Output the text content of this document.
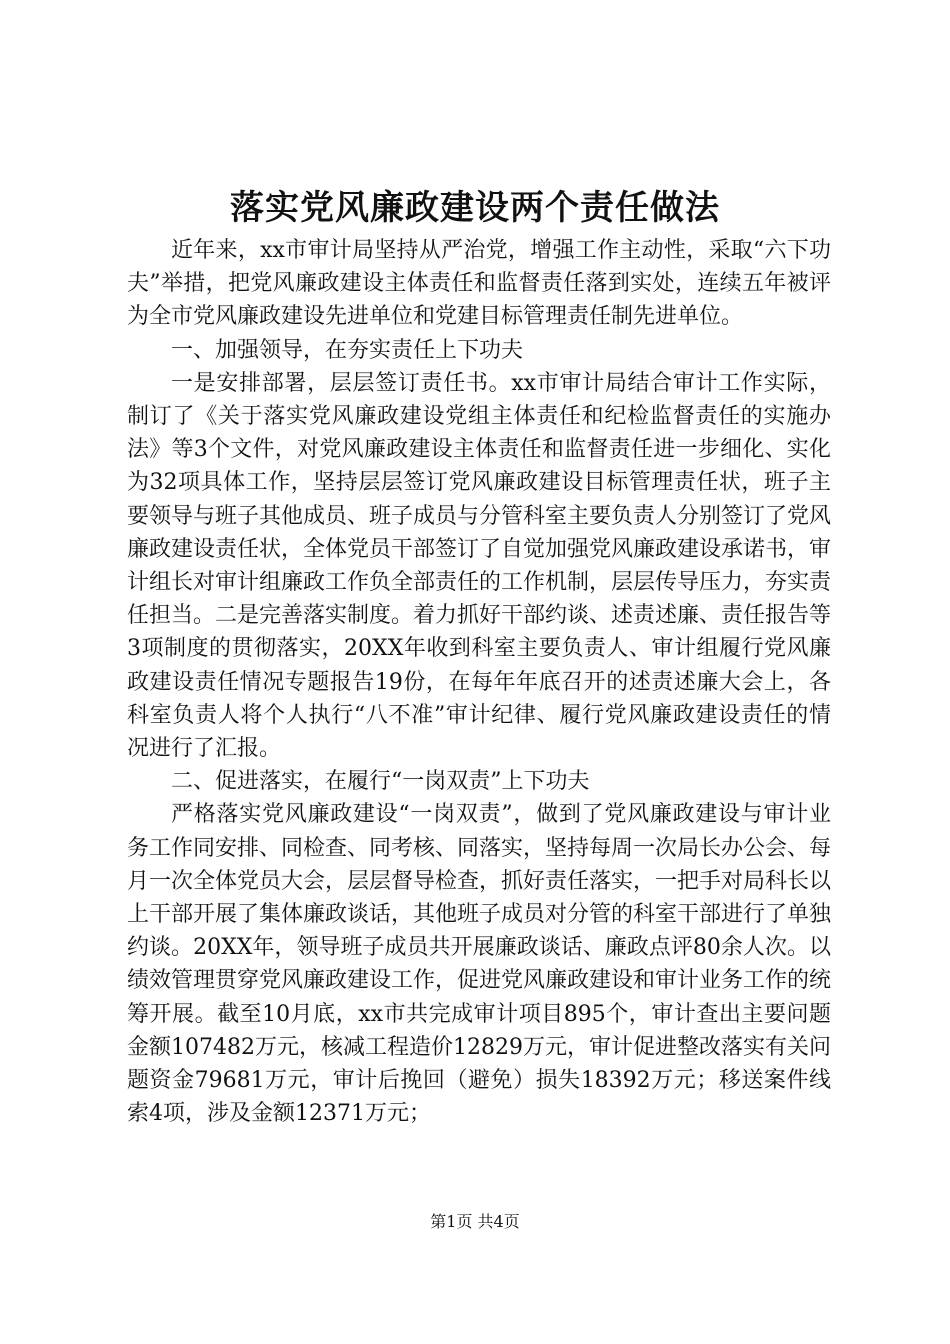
落实党风廉政建设两个责任做法

近年来，xx市审计局坚持从严治党，增强工作主动性，采取“六下功夫”举措，把党风廉政建设主体责任和监督责任落到实处，连续五年被评为全市党风廉政建设先进单位和党建目标管理责任制先进单位。

一、加强领导，在夯实责任上下功夫

一是安排部署，层层签订责任书。xx市审计局结合审计工作实际，制订了《关于落实党风廉政建设党组主体责任和纪检监督责任的实施办法》等3个文件，对党风廉政建设主体责任和监督责任进一步细化、实化为32项具体工作，坚持层层签订党风廉政建设目标管理责任状，班子主要领导与班子其他成员、班子成员与分管科室主要负责人分别签订了党风廉政建设责任状，全体党员干部签订了自觉加强党风廉政建设承诺书，审计组长对审计组廉政工作负全部责任的工作机制，层层传导压力，夯实责任担当。二是完善落实制度。着力抓好干部约谈、述责述廉、责任报告等3项制度的贯彻落实，20XX年收到科室主要负责人、审计组履行党风廉政建设责任情况专题报告19份，在每年年底召开的述责述廉大会上，各科室负责人将个人执行“八不准”审计纪律、履行党风廉政建设责任的情况进行了汇报。

二、促进落实，在履行“一岗双责”上下功夫

严格落实党风廉政建设“一岗双责”，做到了党风廉政建设与审计业务工作同安排、同检查、同考核、同落实，坚持每周一次局长办公会、每月一次全体党员大会，层层督导检查，抓好责任落实，一把手对局科长以上干部开展了集体廉政谈话，其他班子成员对分管的科室干部进行了单独约谈。20XX年，领导班子成员共开展廉政谈话、廉政点评80余人次。以绩效管理贯穿党风廉政建设工作，促进党风廉政建设和审计业务工作的统筹开展。截至10月底，xx市共完成审计项目895个，审计查出主要问题金额107482万元，核减工程造价12829万元，审计促进整改落实有关问题资金79681万元，审计后挽回（避免）损失18392万元；移送案件线索4项，涉及金额12371万元；

第1页 共4页
